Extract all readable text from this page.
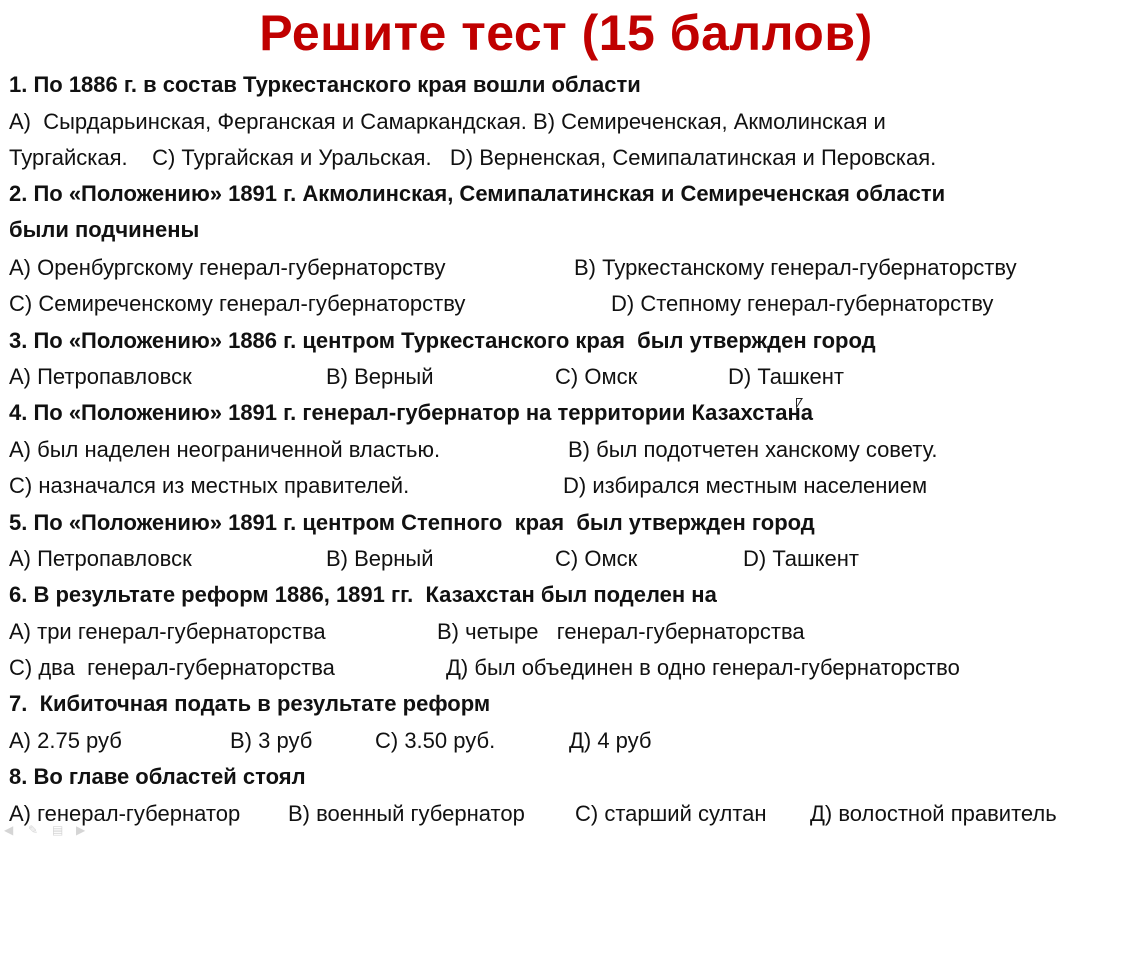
Решите тест (15 баллов)
1. По 1886 г. в состав Туркестанского края вошли области

А)  Сырдарьинская, Ферганская и Самаркандская. В) Семиреченская, Акмолинская и

Тургайская.    С) Тургайская и Уральская.   D) Верненская, Семипалатинская и Перовская.

2. По «Положению» 1891 г. Акмолинская, Семипалатинская и Семиреченская области
были подчинены

А) Оренбургскому генерал-губернаторству

	В) Туркестанскому генерал-губернаторству

С) Семиреченскому генерал-губернаторству

	D) Степному генерал-губернаторству

3. По «Положению» 1886 г. центром Туркестанского края  был утвержден город

А) Петропавловск

	В) Верный

	С) Омск

	D) Ташкент

4. По «Положению» 1891 г. генерал-губернатор на территории Казахстана

А) был наделен неограниченной властью.

	В) был подотчетен ханскому совету.

С) назначался из местных правителей.

	D) избирался местным населением

5. По «Положению» 1891 г. центром Степного  края  был утвержден город

А) Петропавловск

	В) Верный

	С) Омск

	D) Ташкент

6. В результате реформ 1886, 1891 гг.  Казахстан был поделен на

А) три генерал-губернаторства

	В) четыре   генерал-губернаторства

С) два  генерал-губернаторства

	Д) был объединен в одно генерал-губернаторство

7.  Кибиточная подать в результате реформ

А) 2.75 руб

	В) 3 руб

	С) 3.50 руб.

	Д) 4 руб

8. Во главе областей стоял

А) генерал-губернатор

В) военный губернатор

С) старший султан

Д) волостной правитель

◀	✎	▤ ▶
